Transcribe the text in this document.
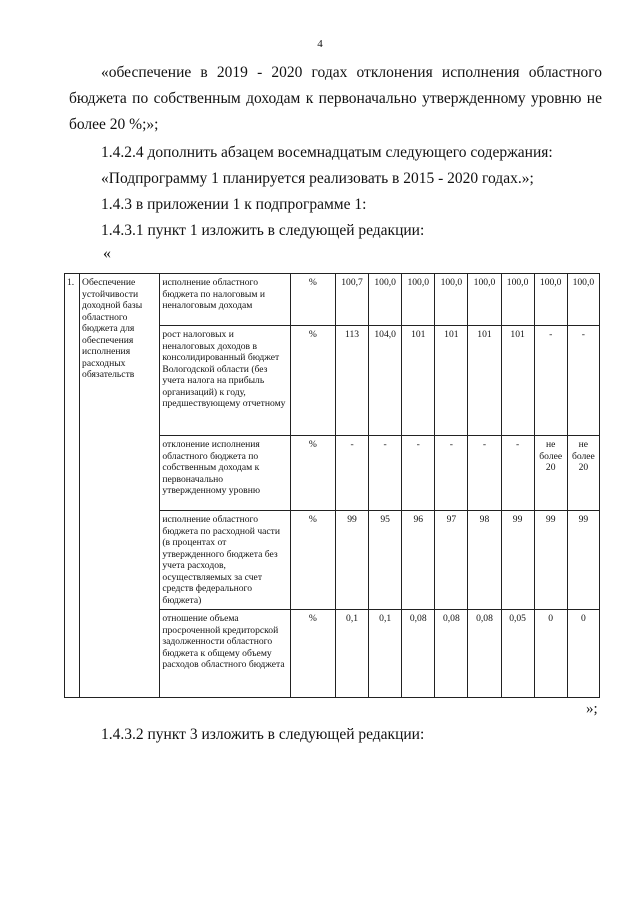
4

«обеспечение в 2019 - 2020 годах отклонения исполнения областного

бюджета по собственным доходам к первоначально утвержденному уровню не

более 20 %;»;

1.4.2.4 дополнить абзацем восемнадцатым следующего содержания:

«Подпрограмму 1 планируется реализовать в 2015 - 2020 годах.»;

1.4.3 в приложении 1 к подпрограмме 1:

1.4.3.1 пункт 1 изложить в следующей редакции:

«
1.	Обеспечение устойчивости доходной базы областного бюджета для обеспечения исполнения расходных обязательств	исполнение областного бюджета по налоговым и неналоговым доходам	%	100,7	100,0	100,0	100,0	100,0	100,0	100,0	100,0
		рост налоговых и неналоговых доходов в консолидированный бюджет Вологодской области (без учета налога на прибыль организаций) к году, предшествующему отчетному	%	113	104,0	101	101	101	101	-	-
		отклонение исполнения областного бюджета по собственным доходам к первоначально утвержденному уровню	%	-	-	-	-	-	-	не более 20	не более 20
		исполнение областного бюджета по расходной части (в процентах от утвержденного бюджета без учета расходов, осуществляемых за счет средств федерального бюджета)	%	99	95	96	97	98	99	99	99
		отношение объема просроченной кредиторской задолженности областного бюджета к общему объему расходов областного бюджета	%	0,1	0,1	0,08	0,08	0,08	0,05	0	0
»;

1.4.3.2 пункт 3 изложить в следующей редакции:
